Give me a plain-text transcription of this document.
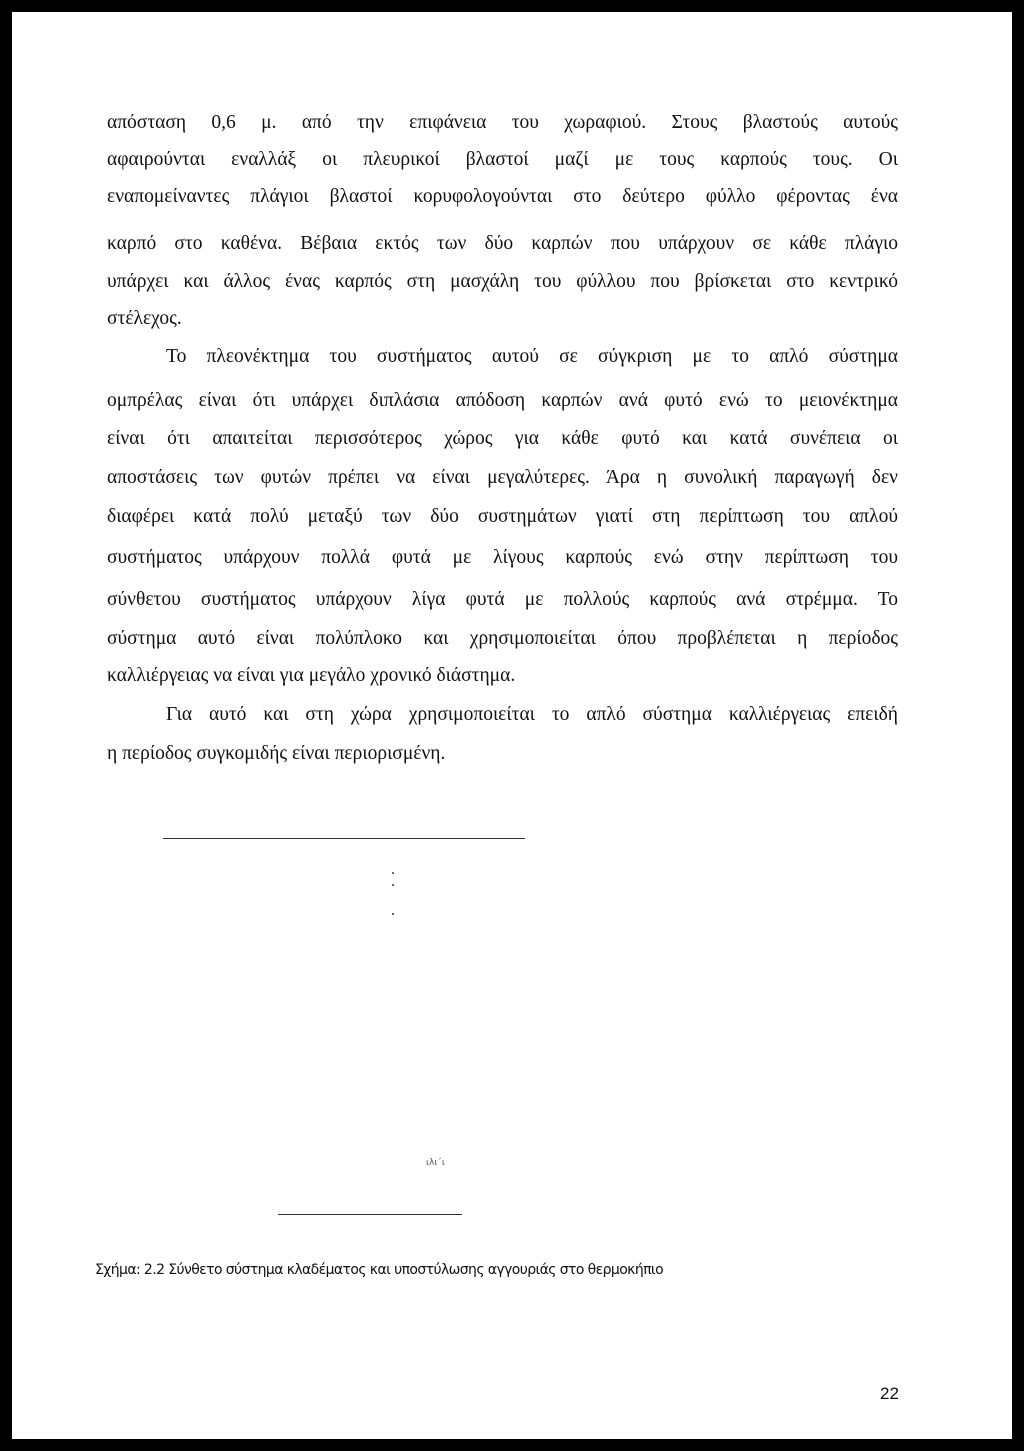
απόσταση 0,6 μ. από την επιφάνεια του χωραφιού. Στους βλαστούς αυτούς
αφαιρούνται εναλλάξ οι πλευρικοί βλαστοί μαζί με τους καρπούς τους. Οι
εναπομείναντες πλάγιοι βλαστοί κορυφολογούνται στο δεύτερο φύλλο φέροντας ένα
καρπό στο καθένα. Βέβαια εκτός των δύο καρπών που υπάρχουν σε κάθε πλάγιο
υπάρχει και άλλος ένας καρπός στη μασχάλη του φύλλου που βρίσκεται στο κεντρικό
στέλεχος.
Το πλεονέκτημα του συστήματος αυτού σε σύγκριση με το απλό σύστημα
ομπρέλας είναι ότι υπάρχει διπλάσια απόδοση καρπών ανά φυτό ενώ το μειονέκτημα
είναι ότι απαιτείται περισσότερος χώρος για κάθε φυτό και κατά συνέπεια οι
αποστάσεις των φυτών πρέπει να είναι μεγαλύτερες. Άρα η συνολική παραγωγή δεν
διαφέρει κατά πολύ μεταξύ των δύο συστημάτων γιατί στη περίπτωση του απλού
συστήματος υπάρχουν πολλά φυτά με λίγους καρπούς ενώ στην περίπτωση του
σύνθετου συστήματος υπάρχουν λίγα φυτά με πολλούς καρπούς ανά στρέμμα. Το
σύστημα αυτό είναι πολύπλοκο και χρησιμοποιείται όπου προβλέπεται η περίοδος
καλλιέργειας να είναι για μεγάλο χρονικό διάστημα.
Για αυτό και στη χώρα χρησιμοποιείται το απλό σύστημα καλλιέργειας επειδή
η περίοδος συγκομιδής είναι περιορισμένη.
ιλι΄ι
Σχήμα: 2.2 Σύνθετο σύστημα κλαδέματος και υποστύλωσης αγγουριάς στο θερμοκήπιο
22
